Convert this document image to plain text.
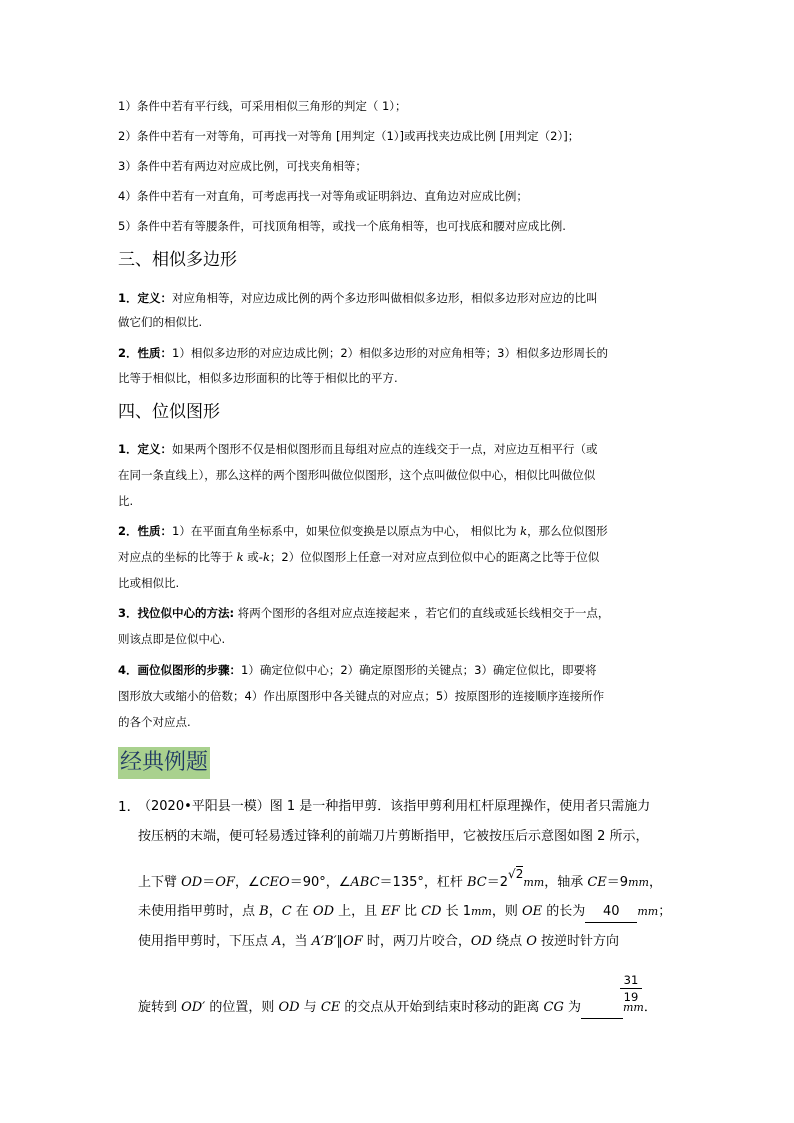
1）条件中若有平行线，可采用相似三角形的判定（ 1）；
2）条件中若有一对等角，可再找一对等角 [用判定（1）]或再找夹边成比例 [用判定（2）]；
3）条件中若有两边对应成比例，可找夹角相等；
4）条件中若有一对直角，可考虑再找一对等角或证明斜边、直角边对应成比例；
5）条件中若有等腰条件，可找顶角相等，或找一个底角相等，也可找底和腰对应成比例.
三、相似多边形
1．定义：对应角相等，对应边成比例的两个多边形叫做相似多边形，相似多边形对应边的比叫
做它们的相似比.
2．性质：1）相似多边形的对应边成比例；2）相似多边形的对应角相等；3）相似多边形周长的
比等于相似比，相似多边形面积的比等于相似比的平方.
四、位似图形
1．定义：如果两个图形不仅是相似图形而且每组对应点的连线交于一点，对应边互相平行（或
在同一条直线上），那么这样的两个图形叫做位似图形，这个点叫做位似中心，相似比叫做位似
比.
2．性质：1）在平面直角坐标系中，如果位似变换是以原点为中心， 相似比为 k，那么位似图形
对应点的坐标的比等于 k 或-k；2）位似图形上任意一对对应点到位似中心的距离之比等于位似
比或相似比.
3．找位似中心的方法: 将两个图形的各组对应点连接起来 ，若它们的直线或延长线相交于一点，
则该点即是位似中心.
4．画位似图形的步骤：1）确定位似中心；2）确定原图形的关键点；3）确定位似比，即要将
图形放大或缩小的倍数；4）作出原图形中各关键点的对应点；5）按原图形的连接顺序连接所作
的各个对应点.
经典例题
1．
（2020•平阳县一模）图 1 是一种指甲剪．该指甲剪利用杠杆原理操作，使用者只需施力
按压柄的末端，便可轻易透过锋利的前端刀片剪断指甲，它被按压后示意图如图 2 所示，
上下臂 OD＝OF，∠CEO＝90°，∠ABC＝135°，杠杆 BC＝2√2mm，轴承 CE＝9mm，
未使用指甲剪时，点 B，C 在 OD 上，且 EF 比 CD 长 1mm，则 OE 的长为 40 mm；
使用指甲剪时，下压点 A，当 A′B′∥OF 时，两刀片咬合，OD 绕点 O 按逆时针方向
31
19
旋转到 OD′ 的位置，则 OD 与 CE 的交点从开始到结束时移动的距离 CG 为	mm．
